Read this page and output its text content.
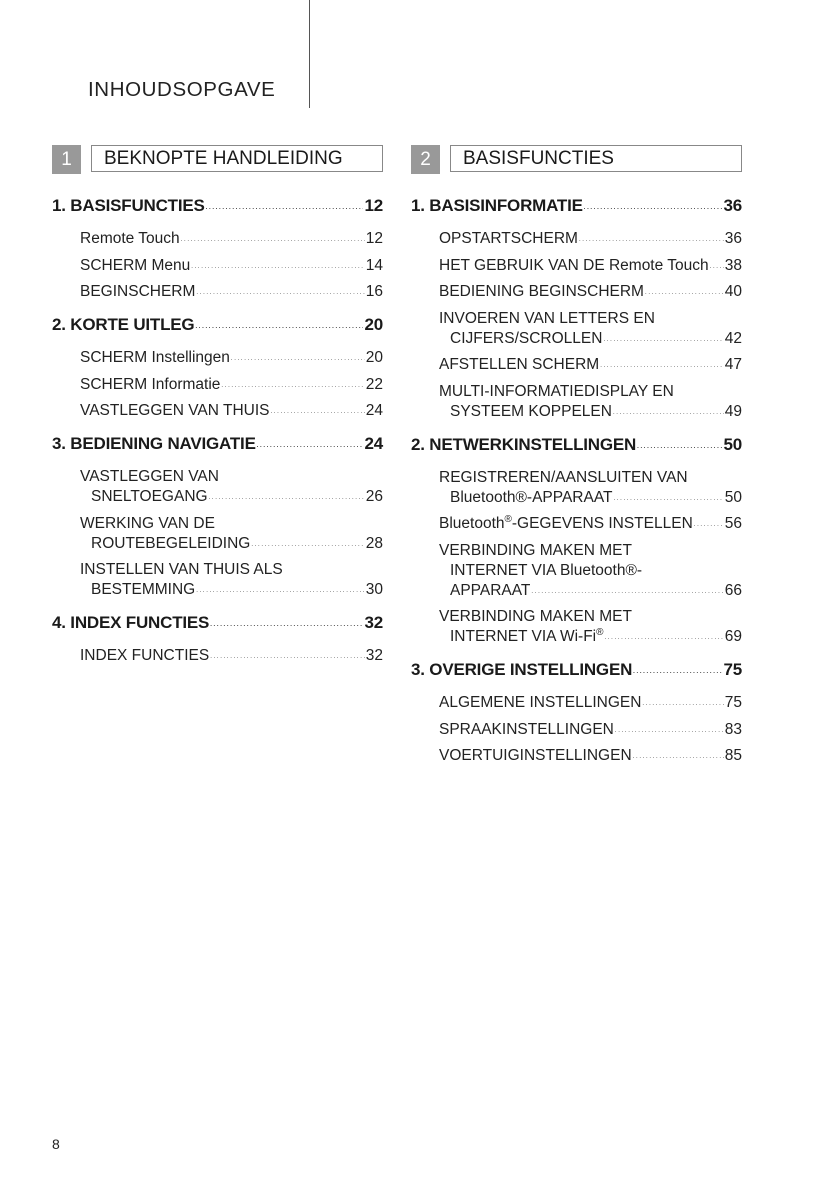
INHOUDSOPGAVE
1	BEKNOPTE HANDLEIDING
1. BASISFUNCTIES . . .	12
Remote Touch . . .	12
SCHERM Menu . . .	14
BEGINSCHERM . . .	16
2. KORTE UITLEG . . .	20
SCHERM Instellingen . . .	20
SCHERM Informatie . . .	22
VASTLEGGEN VAN THUIS . . .	24
3. BEDIENING NAVIGATIE . . .	24
VASTLEGGEN VAN
SNELTOEGANG . . .	26
WERKING VAN DE
ROUTEBEGELEIDING . . .	28
INSTELLEN VAN THUIS ALS
BESTEMMING . . .	30
4. INDEX FUNCTIES . . .	32
INDEX FUNCTIES . . .	32
2	BASISFUNCTIES
1. BASISINFORMATIE . . .	36
OPSTARTSCHERM . . .	36
HET GEBRUIK VAN DE Remote Touch . . . 38
BEDIENING BEGINSCHERM . . .	40
INVOEREN VAN LETTERS EN
CIJFERS/SCROLLEN . . .	42
AFSTELLEN SCHERM . . .	47
MULTI-INFORMATIEDISPLAY EN
SYSTEEM KOPPELEN . . .	49
2. NETWERKINSTELLINGEN . . .	50
REGISTREREN/AANSLUITEN VAN
Bluetooth®-APPARAAT . . .	50
Bluetooth®-GEGEVENS INSTELLEN . . . 56
VERBINDING MAKEN MET
INTERNET VIA Bluetooth®-
APPARAAT . . .	66
VERBINDING MAKEN MET
INTERNET VIA Wi-Fi® . . .	69
3. OVERIGE INSTELLINGEN . . .	75
ALGEMENE INSTELLINGEN . . .	75
SPRAAKINSTELLINGEN . . .	83
VOERTUIGINSTELLINGEN . . .	85
8
